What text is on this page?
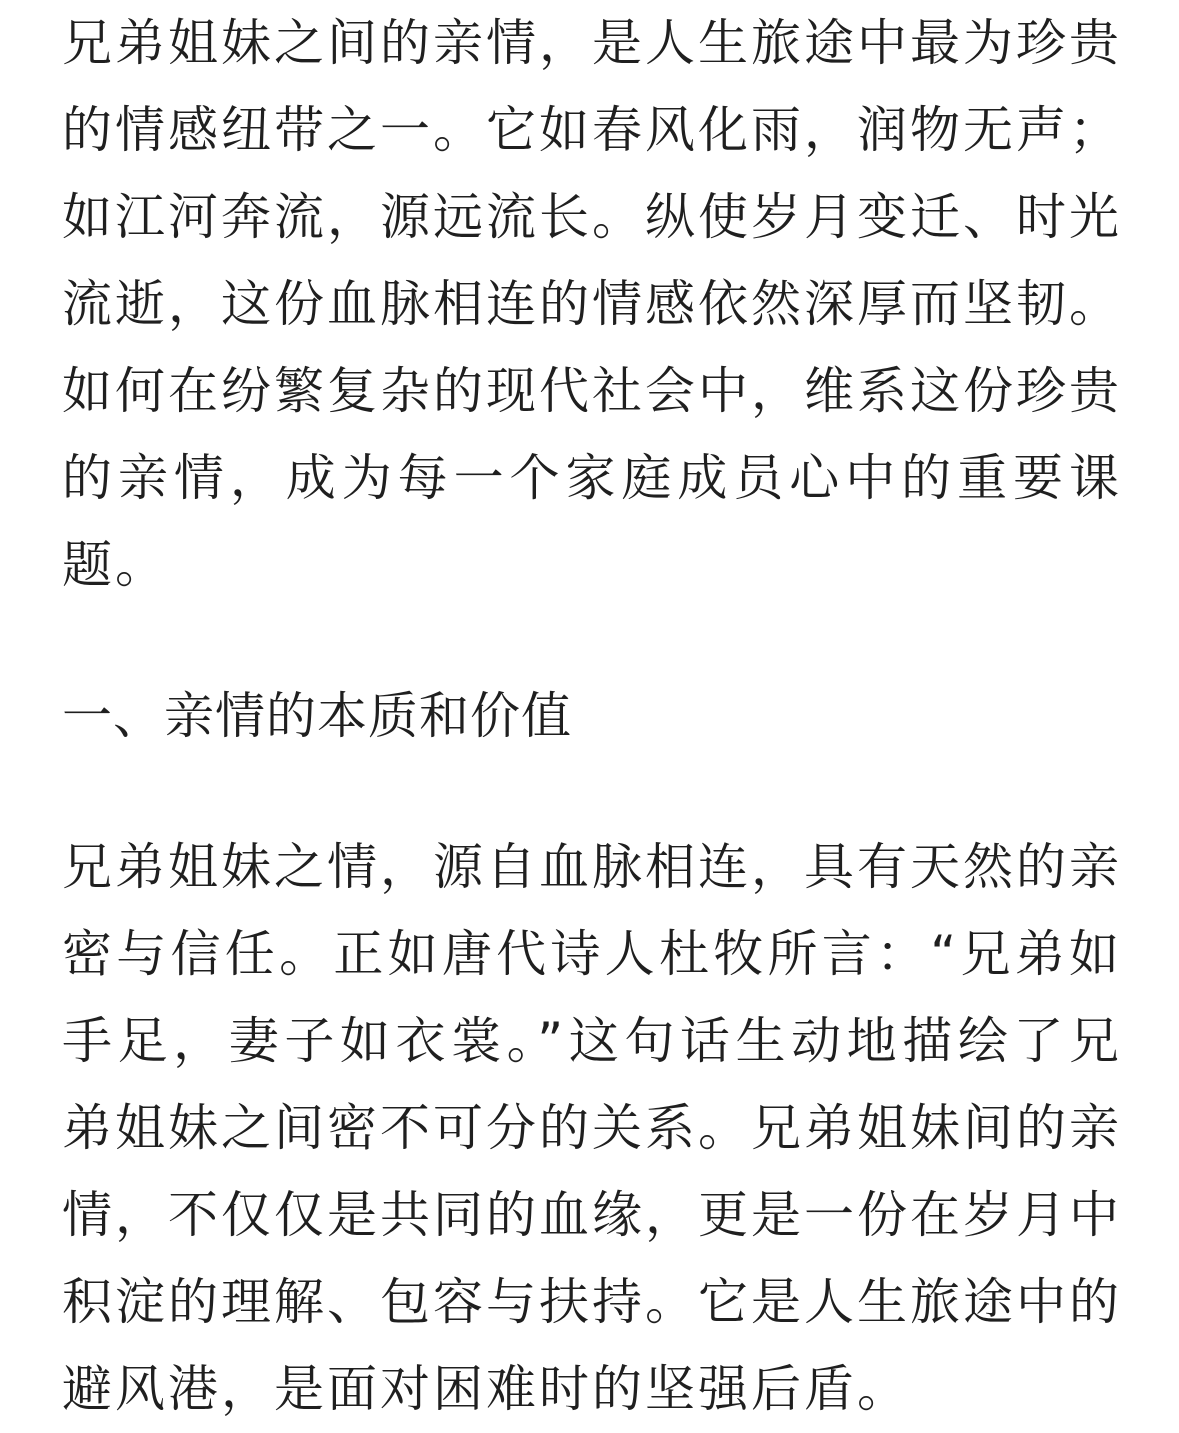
兄弟姐妹之间的亲情，是人生旅途中最为珍贵的情感纽带之一。它如春风化雨，润物无声；如江河奔流，源远流长。纵使岁月变迁、时光流逝，这份血脉相连的情感依然深厚而坚韧。如何在纷繁复杂的现代社会中，维系这份珍贵的亲情，成为每一个家庭成员心中的重要课题。

一、亲情的本质和价值

兄弟姐妹之情，源自血脉相连，具有天然的亲密与信任。正如唐代诗人杜牧所言：“兄弟如手足，妻子如衣裳。”这句话生动地描绘了兄弟姐妹之间密不可分的关系。兄弟姐妹间的亲情，不仅仅是共同的血缘，更是一份在岁月中积淀的理解、包容与扶持。它是人生旅途中的避风港，是面对困难时的坚强后盾。
